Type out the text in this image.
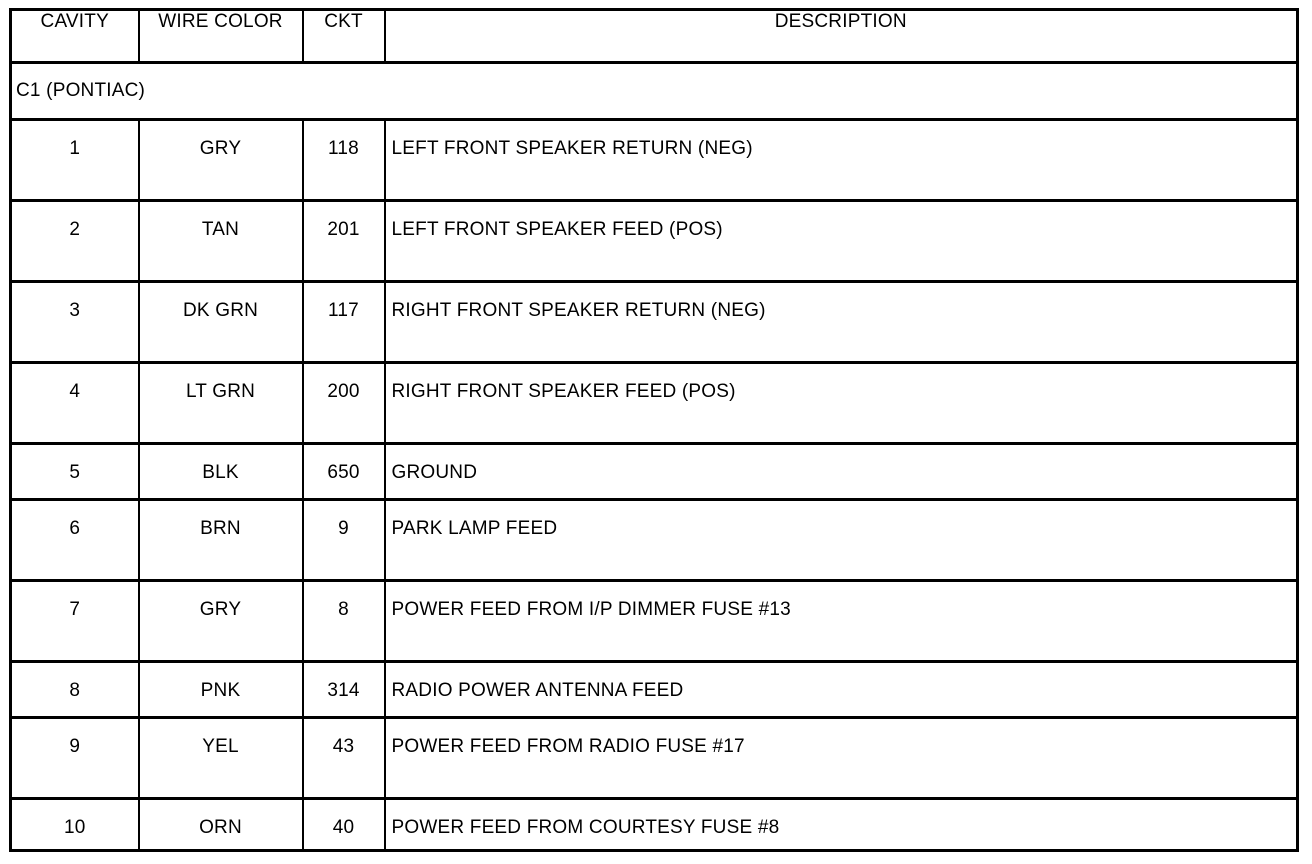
CAVITY	WIRE COLOR	CKT	DESCRIPTION
C1 (PONTIAC)			

1	GRY	118	LEFT FRONT SPEAKER RETURN (NEG)

2	TAN	201	LEFT FRONT SPEAKER FEED (POS)

3	DK GRN	117	RIGHT FRONT SPEAKER RETURN (NEG)

4	LT GRN	200	RIGHT FRONT SPEAKER FEED (POS)

5	BLK	650	GROUND

6	BRN	9	PARK LAMP FEED

7	GRY	8	POWER FEED FROM I/P DIMMER FUSE #13

8	PNK	314	RADIO POWER ANTENNA FEED

9	YEL	43	POWER FEED FROM RADIO FUSE #17

10	ORN	40	POWER FEED FROM COURTESY FUSE #8
